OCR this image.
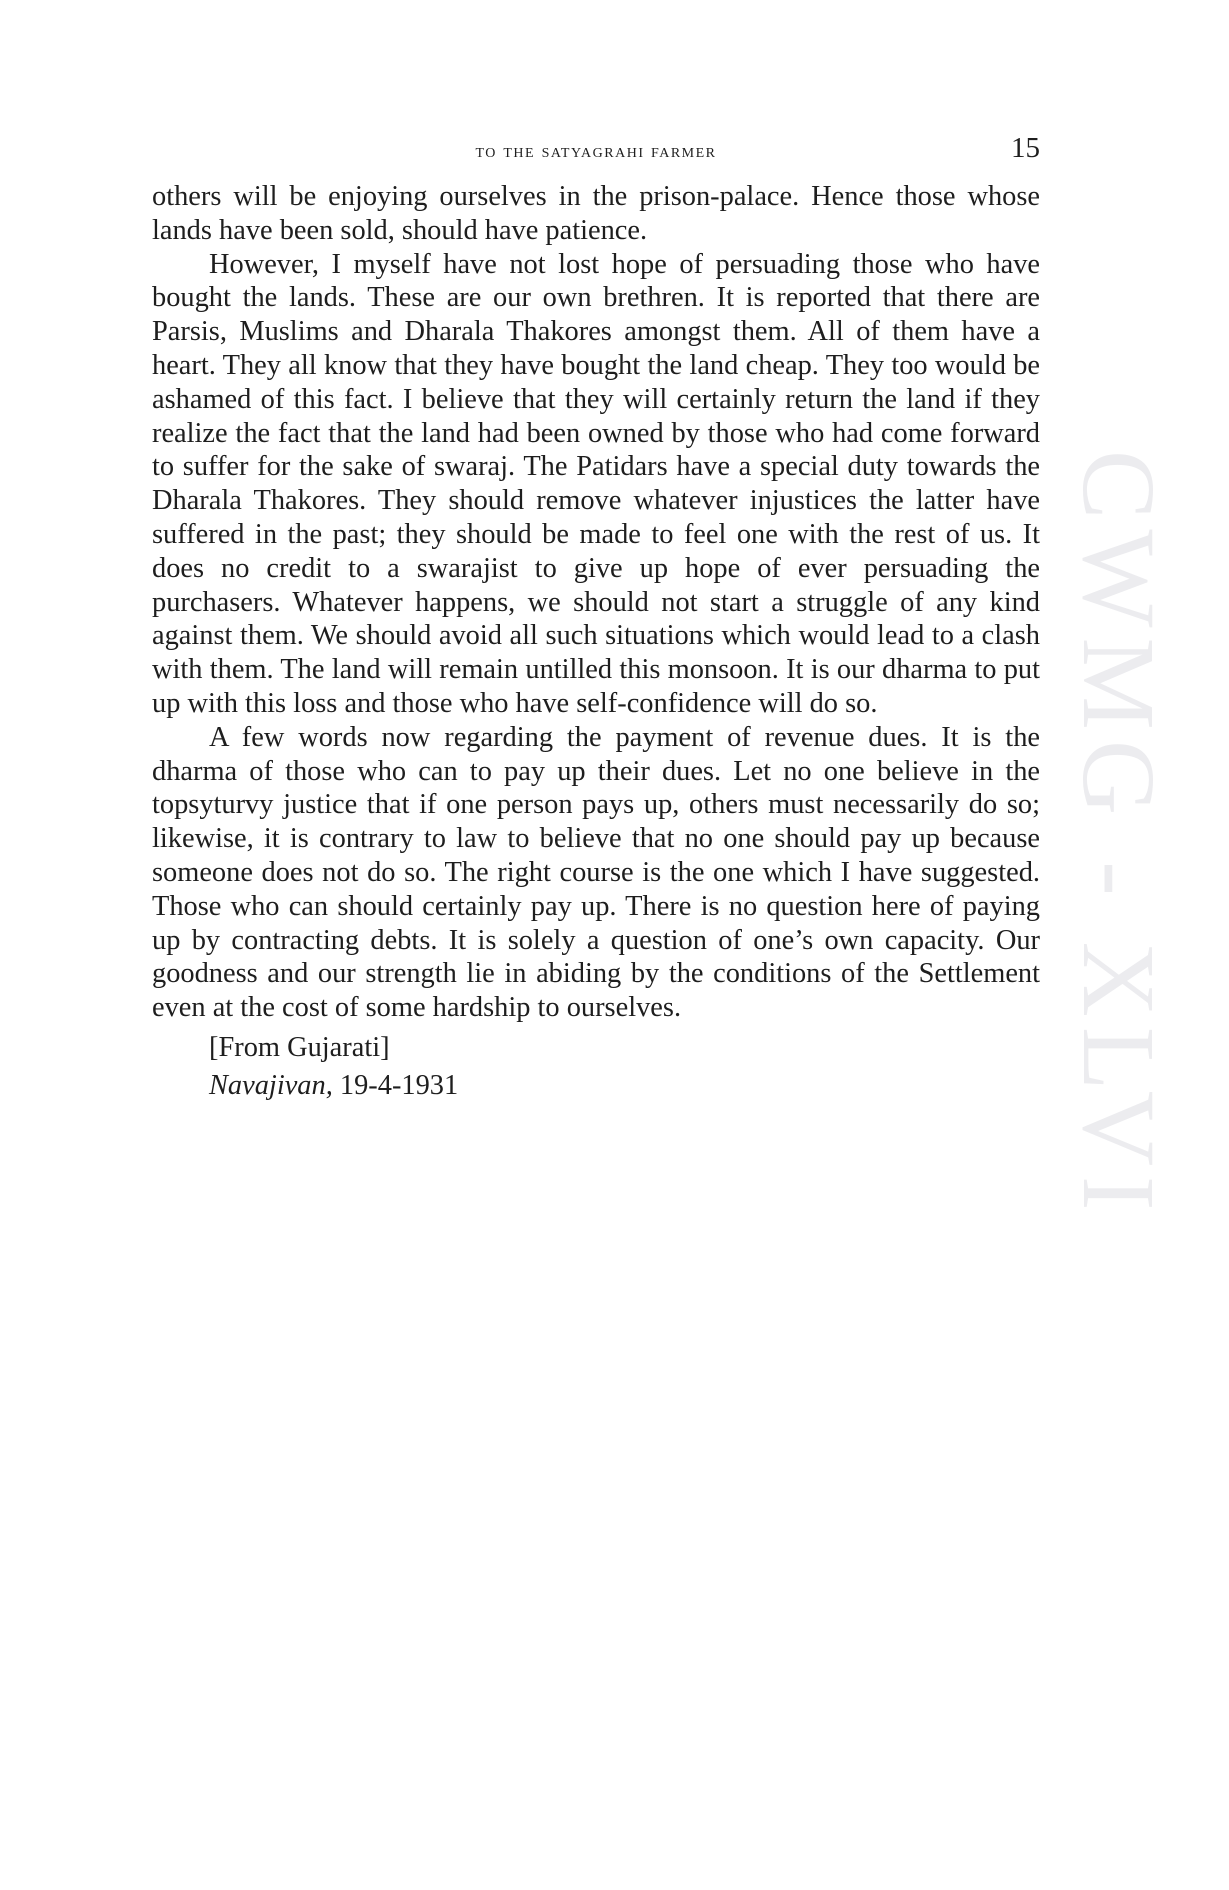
CWMG - XLVI
to the satyagrahi farmer	15

others will be enjoying ourselves in the prison-palace. Hence those whose lands have been sold, should have patience.

However, I myself have not lost hope of persuading those who have bought the lands. These are our own brethren. It is reported that there are Parsis, Muslims and Dharala Thakores amongst them. All of them have a heart. They all know that they have bought the land cheap. They too would be ashamed of this fact. I believe that they will certainly return the land if they realize the fact that the land had been owned by those who had come forward to suffer for the sake of swaraj. The Patidars have a special duty towards the Dharala Thakores. They should remove whatever injustices the latter have suffered in the past; they should be made to feel one with the rest of us. It does no credit to a swarajist to give up hope of ever persuading the purchasers. Whatever happens, we should not start a struggle of any kind against them. We should avoid all such situations which would lead to a clash with them. The land will remain untilled this monsoon. It is our dharma to put up with this loss and those who have self-confidence will do so.

A few words now regarding the payment of revenue dues. It is the dharma of those who can to pay up their dues. Let no one believe in the topsyturvy justice that if one person pays up, others must necessarily do so; likewise, it is contrary to law to believe that no one should pay up because someone does not do so. The right course is the one which I have suggested. Those who can should certainly pay up. There is no question here of paying up by contracting debts. It is solely a question of one’s own capacity. Our goodness and our strength lie in abiding by the conditions of the Settlement even at the cost of some hardship to ourselves.

[From Gujarati]

Navajivan, 19-4-1931
